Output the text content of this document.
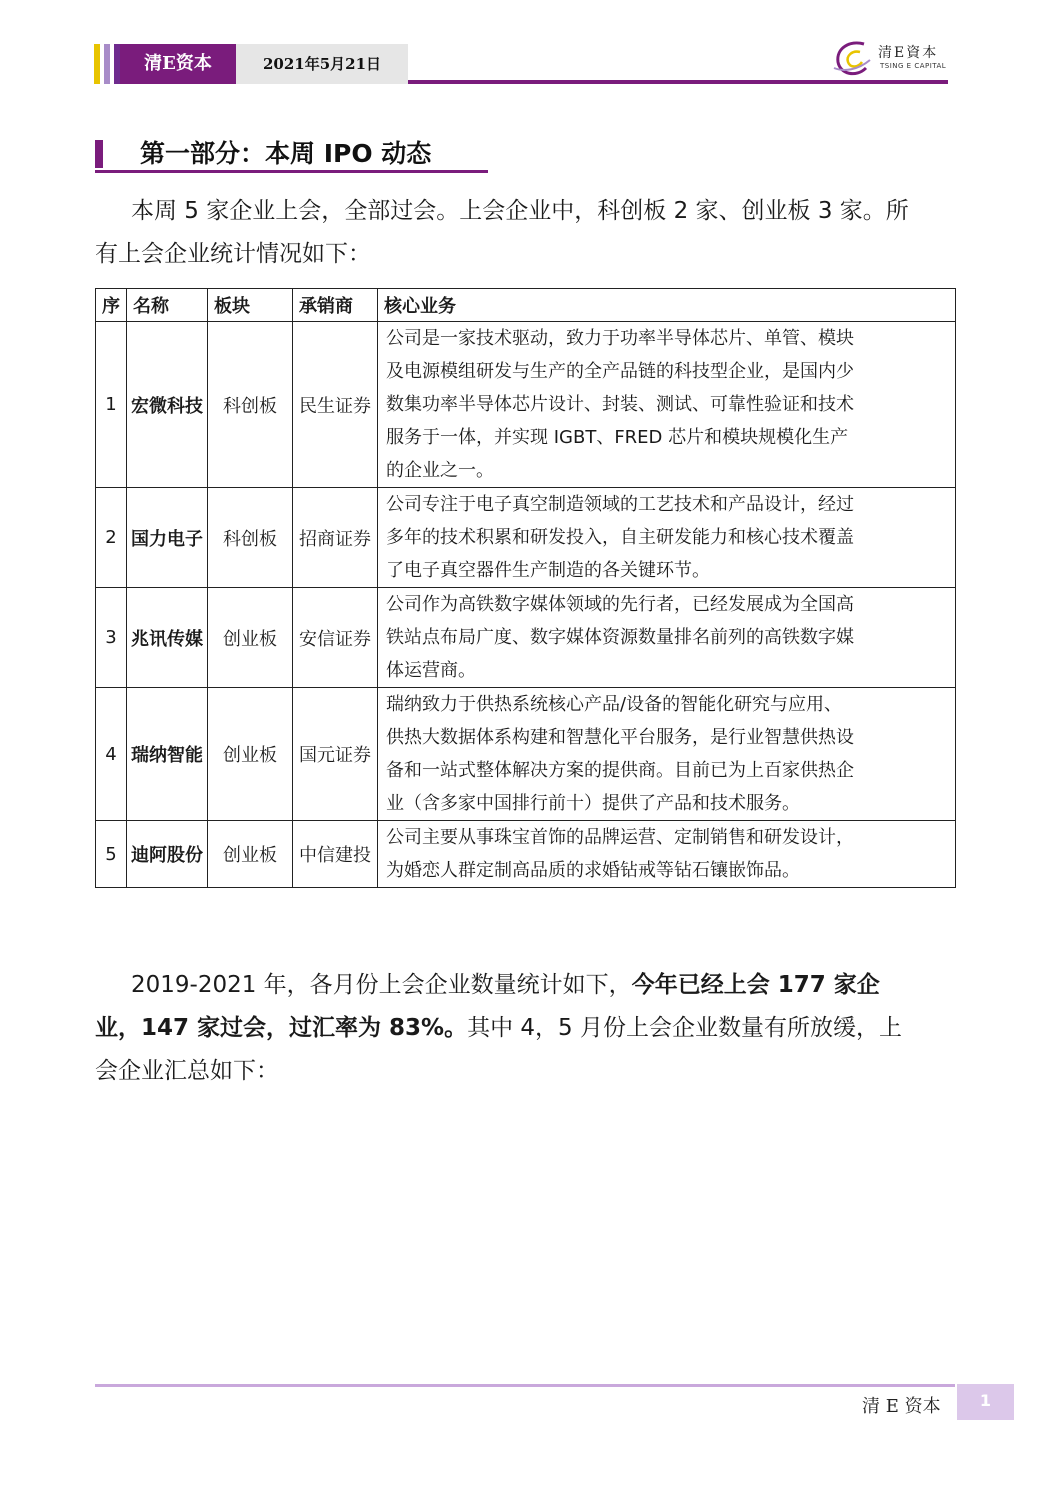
清E资本	2021年5月21日
清E資本
TSING E CAPITAL
第一部分：本周 IPO 动态
本周 5 家企业上会，全部过会。上会企业中，科创板 2 家、创业板 3 家。所
有上会企业统计情况如下：
序	名称	板块	承销商	核心业务
1	宏微科技	科创板	民生证券	公司是一家技术驱动，致力于功率半导体芯片、单管、模块
及电源模组研发与生产的全产品链的科技型企业，是国内少
数集功率半导体芯片设计、封装、测试、可靠性验证和技术
服务于一体，并实现 IGBT、FRED 芯片和模块规模化生产
的企业之一。

2	国力电子	科创板	招商证券	公司专注于电子真空制造领域的工艺技术和产品设计，经过
多年的技术积累和研发投入，自主研发能力和核心技术覆盖
了电子真空器件生产制造的各关键环节。

3	兆讯传媒	创业板	安信证券	公司作为高铁数字媒体领域的先行者，已经发展成为全国高
铁站点布局广度、数字媒体资源数量排名前列的高铁数字媒
体运营商。

4	瑞纳智能	创业板	国元证券	瑞纳致力于供热系统核心产品/设备的智能化研究与应用、
供热大数据体系构建和智慧化平台服务，是行业智慧供热设
备和一站式整体解决方案的提供商。目前已为上百家供热企
业（含多家中国排行前十）提供了产品和技术服务。

5	迪阿股份	创业板	中信建投	公司主要从事珠宝首饰的品牌运营、定制销售和研发设计，
为婚恋人群定制高品质的求婚钻戒等钻石镶嵌饰品。
2019-2021 年，各月份上会企业数量统计如下，今年已经上会 177 家企
业，147 家过会，过汇率为 83%。其中 4，5 月份上会企业数量有所放缓，上
会企业汇总如下：
清 E 资本	1
